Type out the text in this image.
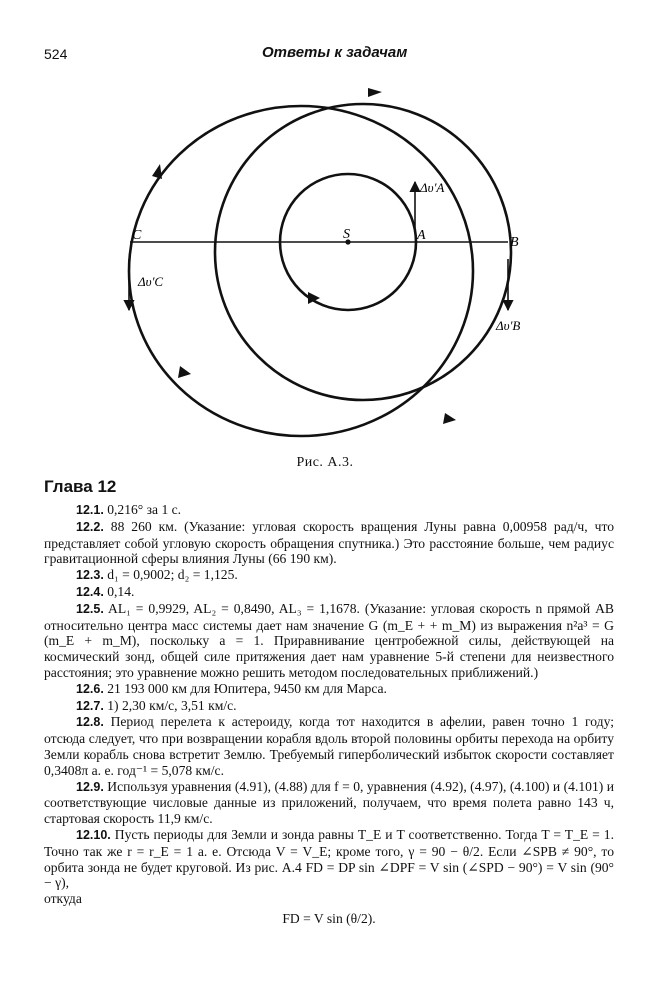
524	Ответы к задачам
C	S	A	B
Δυ'A
Δυ'B
Δυ'C
Рис. А.3.
Глава 12

12.1. 0,216° за 1 с.

12.2. 88 260 км. (Указание: угловая скорость вращения Луны равна 0,00958 рад/ч, что представляет собой угловую скорость обращения спутника.) Это расстояние больше, чем радиус гравитационной сферы влияния Луны (66 190 км).

12.3. d₁ = 0,9002; d₂ = 1,125.

12.4. 0,14.

12.5. AL₁ = 0,9929, AL₂ = 0,8490, AL₃ = 1,1678. (Указание: угловая скорость n прямой AB относительно центра масс системы дает нам значение G (m_E + + m_M) из выражения n²a³ = G (m_E + m_M), поскольку a = 1. Приравнивание центробежной силы, действующей на космический зонд, общей силе притяжения дает нам уравнение 5-й степени для неизвестного расстояния; это уравнение можно решить методом последовательных приближений.)

12.6. 21 193 000 км для Юпитера, 9450 км для Марса.

12.7. 1) 2,30 км/с, 3,51 км/с.

12.8. Период перелета к астероиду, когда тот находится в афелии, равен точно 1 году; отсюда следует, что при возвращении корабля вдоль второй половины орбиты перехода на орбиту Земли корабль снова встретит Землю. Требуемый гиперболический избыток скорости составляет 0,3408π а. е. год⁻¹ = 5,078 км/с.

12.9. Используя уравнения (4.91), (4.88) для f = 0, уравнения (4.92), (4.97), (4.100) и (4.101) и соответствующие числовые данные из приложений, получаем, что время полета равно 143 ч, стартовая скорость 11,9 км/с.

12.10. Пусть периоды для Земли и зонда равны T_E и T соответственно. Тогда T = T_E = 1. Точно так же r = r_E = 1 а. е. Отсюда V = V_E; кроме того, γ = 90 − θ/2. Если ∠SPB ≠ 90°, то орбита зонда не будет круговой. Из рис. А.4 FD = DP sin ∠DPF = V sin (∠SPD − 90°) = V sin (90° − γ),

откуда

FD = V sin (θ/2).
